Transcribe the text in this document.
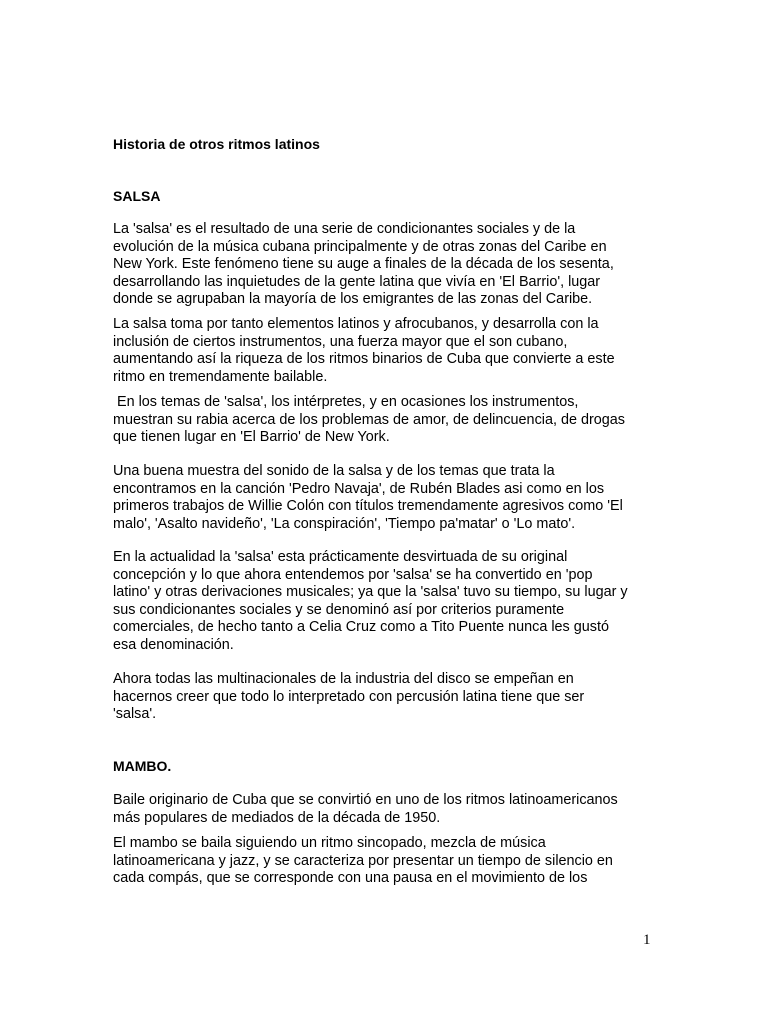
Historia de otros ritmos latinos
SALSA
La 'salsa' es el resultado de una serie de condicionantes sociales y de la
evolución de la música cubana principalmente y de otras zonas del Caribe en
New York. Este fenómeno tiene su auge a finales de la década de los sesenta,
desarrollando las inquietudes de la gente latina que vivía en 'El Barrio', lugar
donde se agrupaban la mayoría de los emigrantes de las zonas del Caribe.
La salsa toma por tanto elementos latinos y afrocubanos, y desarrolla con la
inclusión de ciertos instrumentos, una fuerza mayor que el son cubano,
aumentando así la riqueza de los ritmos binarios de Cuba que convierte a este
ritmo en tremendamente bailable.
En los temas de 'salsa', los intérpretes, y en ocasiones los instrumentos,
muestran su rabia acerca de los problemas de amor, de delincuencia, de drogas
que tienen lugar en 'El Barrio' de New York.
Una buena muestra del sonido de la salsa y de los temas que trata la
encontramos en la canción 'Pedro Navaja', de Rubén Blades asi como en los
primeros trabajos de Willie Colón con títulos tremendamente agresivos como 'El
malo', 'Asalto navideño', 'La conspiración', 'Tiempo pa'matar' o 'Lo mato'.
En la actualidad la 'salsa' esta prácticamente desvirtuada de su original
concepción y lo que ahora entendemos por 'salsa' se ha convertido en 'pop
latino' y otras derivaciones musicales; ya que la 'salsa' tuvo su tiempo, su lugar y
sus condicionantes sociales y se denominó así por criterios puramente
comerciales, de hecho tanto a Celia Cruz como a Tito Puente nunca les gustó
esa denominación.
Ahora todas las multinacionales de la industria del disco se empeñan en
hacernos creer que todo lo interpretado con percusión latina tiene que ser
'salsa'.
MAMBO.
Baile originario de Cuba que se convirtió en uno de los ritmos latinoamericanos
más populares de mediados de la década de 1950.
El mambo se baila siguiendo un ritmo sincopado, mezcla de música
latinoamericana y jazz, y se caracteriza por presentar un tiempo de silencio en
cada compás, que se corresponde con una pausa en el movimiento de los
1
